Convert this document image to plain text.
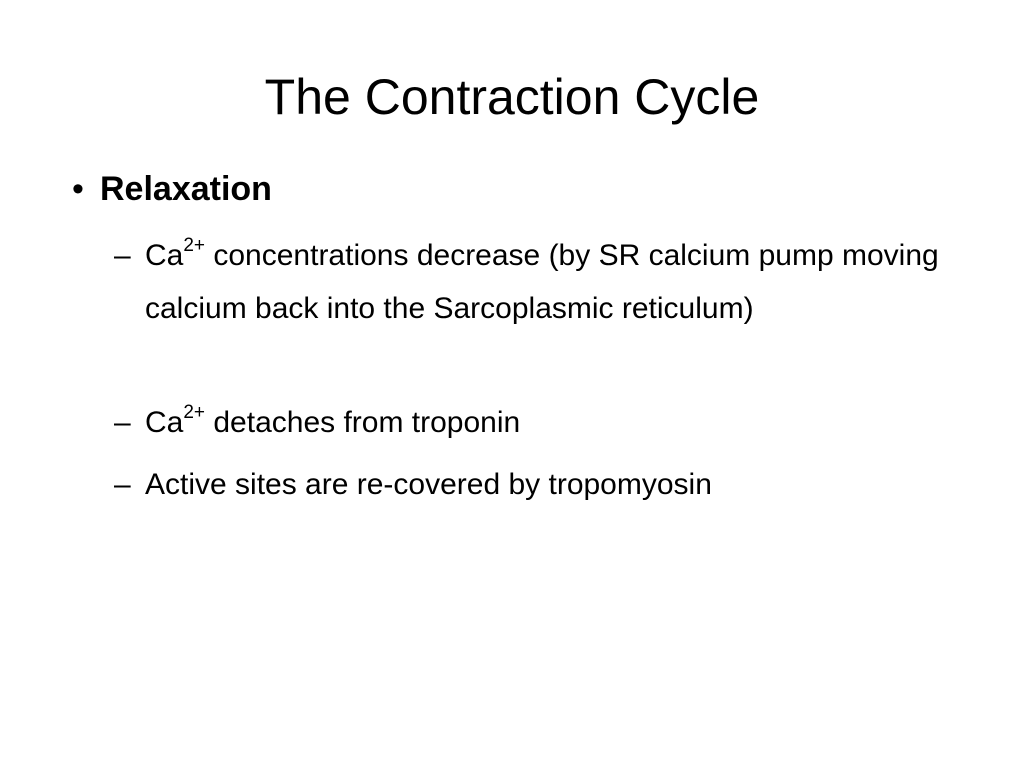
The Contraction Cycle
• Relaxation
– $Ca^{2+}$ concentrations decrease (by SR calcium pump moving calcium back into the Sarcoplasmic reticulum)
– $Ca^{2+}$ detaches from troponin
– Active sites are re-covered by tropomyosin
